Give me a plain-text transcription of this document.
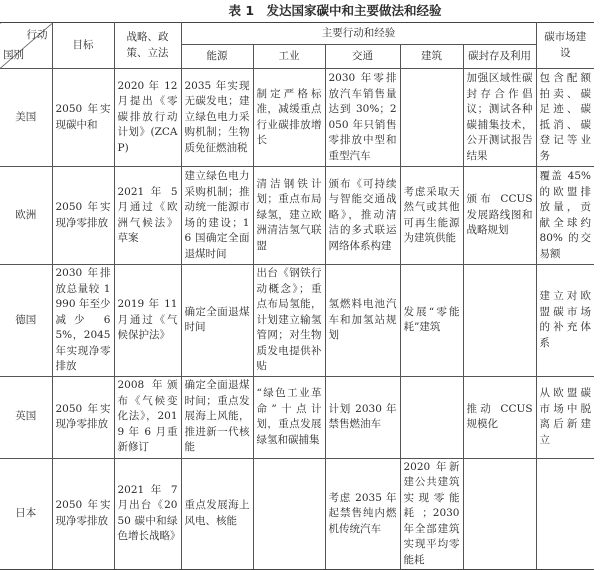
表 1　发达国家碳中和主要做法和经验
行动
国别	目标	战略、政策、立法	主要行动和经验					碳市场建设
			能源	工业	交通	建筑	碳封存及利用	
美国	2050 年实现碳中和	2020 年 12 月提出《零碳排放行动计划》(ZCAP)	2035 年实现无碳发电；建立绿色电力采购机制；生物质免征燃油税	制定严格标准，减缓重点行业碳排放增长	2030 年零排放汽车销售量达到 30%；2050 年只销售零排放中型和重型汽车		加强区域性碳封存合作倡议；测试各种碳捕集技术，公开测试报告结果	包含配额拍卖、碳足迹、碳抵消、碳登记等业务
欧洲	2050 年实现净零排放	2021 年 5 月通过《欧洲气候法》草案	建立绿色电力采购机制；推动统一能源市场的建设；16 国确定全面退煤时间	清洁钢铁计划；重点布局绿氢，建立欧洲清洁氢气联盟	颁布《可持续与智能交通战略》，推动清洁的多式联运网络体系构建	考虑采取天然气或其他可再生能源为建筑供能	颁布 CCUS 发展路线图和战略规划	覆盖 45% 的欧盟排放量，贡献全球约 80% 的交易额
德国	2030 年排放总量较 1990 年至少减少 65%，2045 年实现净零排放	2019 年 11 月通过《气候保护法》	确定全面退煤时间	出台《钢铁行动概念》；重点布局氢能，计划建立输氢管网；对生物质发电提供补贴	氢燃料电池汽车和加氢站规划	发展“零能耗”建筑		建立对欧盟碳市场的补充体系
英国	2050 年实现净零排放	2008 年颁布《气候变化法》，2019 年 6 月重新修订	确定全面退煤时间；重点发展海上风能，推进新一代核能	“绿色工业革命”十点计划，重点发展绿氢和碳捕集	计划 2030 年禁售燃油车		推动 CCUS 规模化	从欧盟碳市场中脱离后新建立
日本	2050 年实现净零排放	2021 年 7 月出台《2050 碳中和绿色增长战略》	重点发展海上风电、核能		考虑 2035 年起禁售纯内燃机传统汽车	2020 年新建公共建筑实现零能耗；2030 年全部建筑实现平均零能耗		
